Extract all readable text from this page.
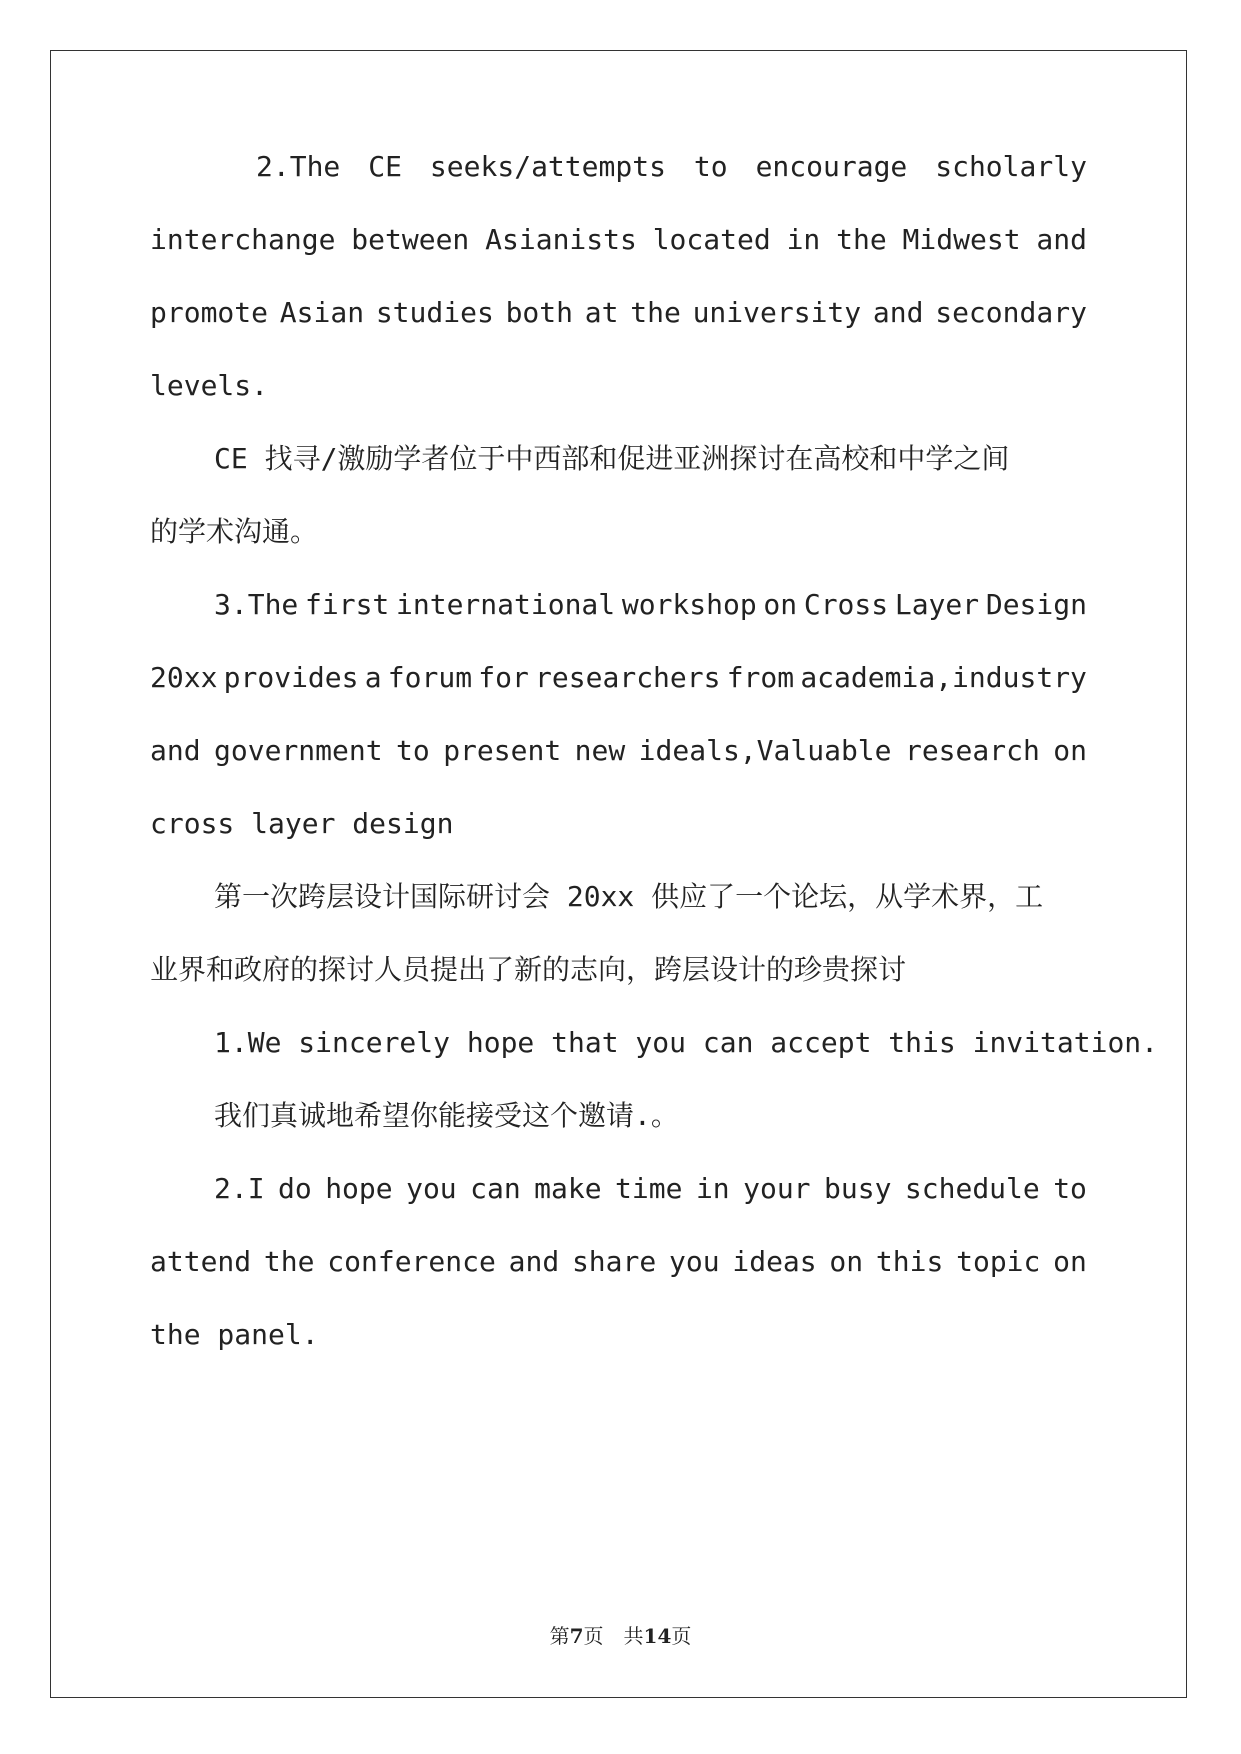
2.The CE seeks/attempts to encourage scholarly
interchange between Asianists located in the Midwest and
promote Asian studies both at the university and secondary
levels.
CE 找寻/激励学者位于中西部和促进亚洲探讨在高校和中学之间
的学术沟通。
3.The first international workshop on Cross Layer Design
20xx provides a forum for researchers from academia,industry
and government to present new ideals,Valuable research on
cross layer design
第一次跨层设计国际研讨会 20xx 供应了一个论坛，从学术界，工
业界和政府的探讨人员提出了新的志向，跨层设计的珍贵探讨
1.We sincerely hope that you can accept this invitation.
我们真诚地希望你能接受这个邀请.。
2.I do hope you can make time in your busy schedule to
attend the conference and share you ideas on this topic on
the panel.
第7页　共14页
